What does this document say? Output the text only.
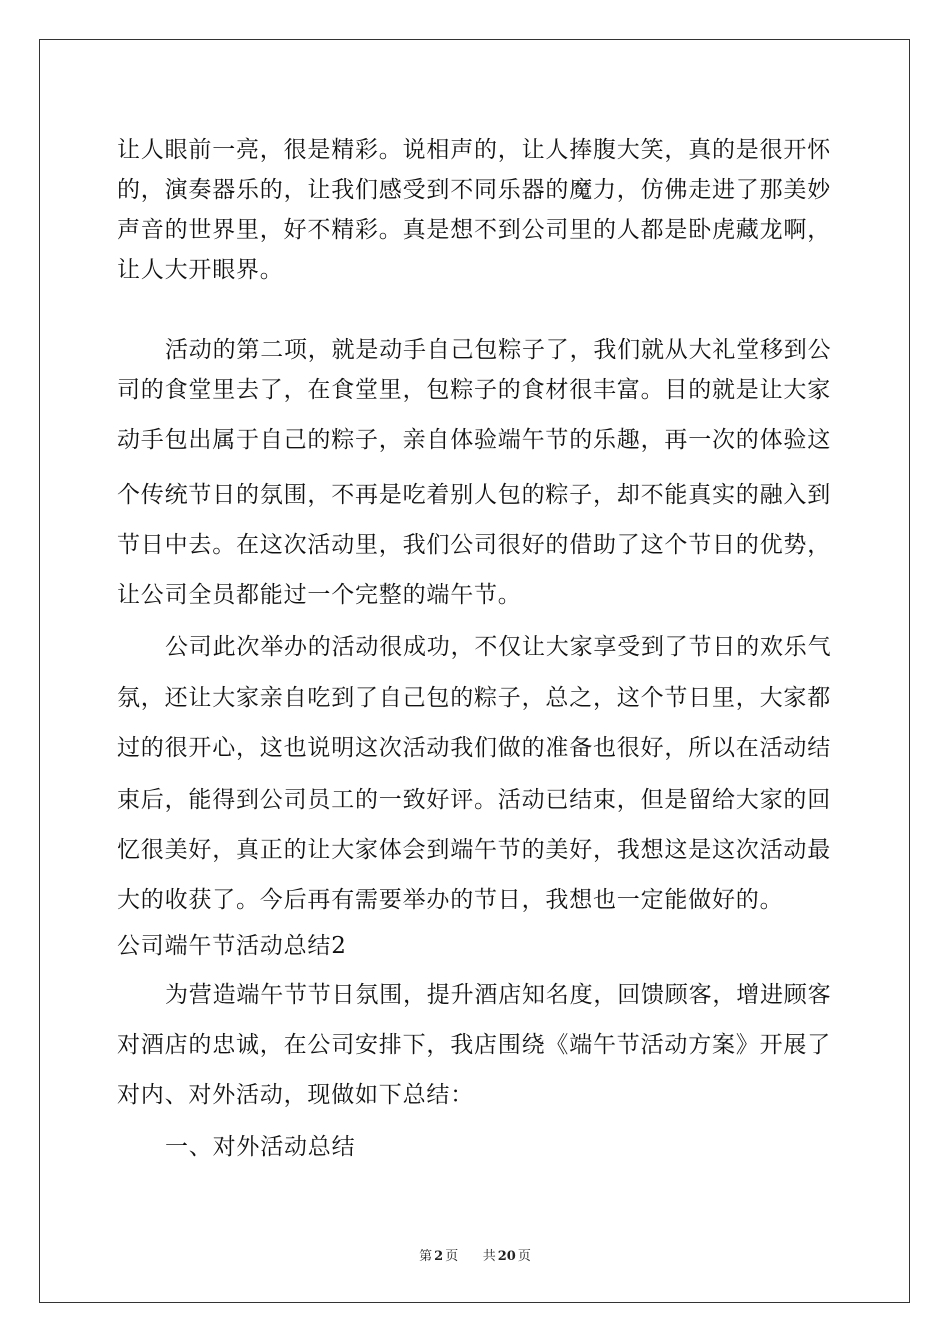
让人眼前一亮，很是精彩。说相声的，让人捧腹大笑，真的是很开怀
的，演奏器乐的，让我们感受到不同乐器的魔力，仿佛走进了那美妙
声音的世界里，好不精彩。真是想不到公司里的人都是卧虎藏龙啊，
让人大开眼界。
活动的第二项，就是动手自己包粽子了，我们就从大礼堂移到公
司的食堂里去了，在食堂里，包粽子的食材很丰富。目的就是让大家
动手包出属于自己的粽子，亲自体验端午节的乐趣，再一次的体验这
个传统节日的氛围，不再是吃着别人包的粽子，却不能真实的融入到
节日中去。在这次活动里，我们公司很好的借助了这个节日的优势，
让公司全员都能过一个完整的端午节。
公司此次举办的活动很成功，不仅让大家享受到了节日的欢乐气
氛，还让大家亲自吃到了自己包的粽子，总之，这个节日里，大家都
过的很开心，这也说明这次活动我们做的准备也很好，所以在活动结
束后，能得到公司员工的一致好评。活动已结束，但是留给大家的回
忆很美好，真正的让大家体会到端午节的美好，我想这是这次活动最
大的收获了。今后再有需要举办的节日，我想也一定能做好的。
公司端午节活动总结2
为营造端午节节日氛围，提升酒店知名度，回馈顾客，增进顾客
对酒店的忠诚，在公司安排下，我店围绕《端午节活动方案》开展了
对内、对外活动，现做如下总结：
一、对外活动总结
第 2 页 共 20 页
